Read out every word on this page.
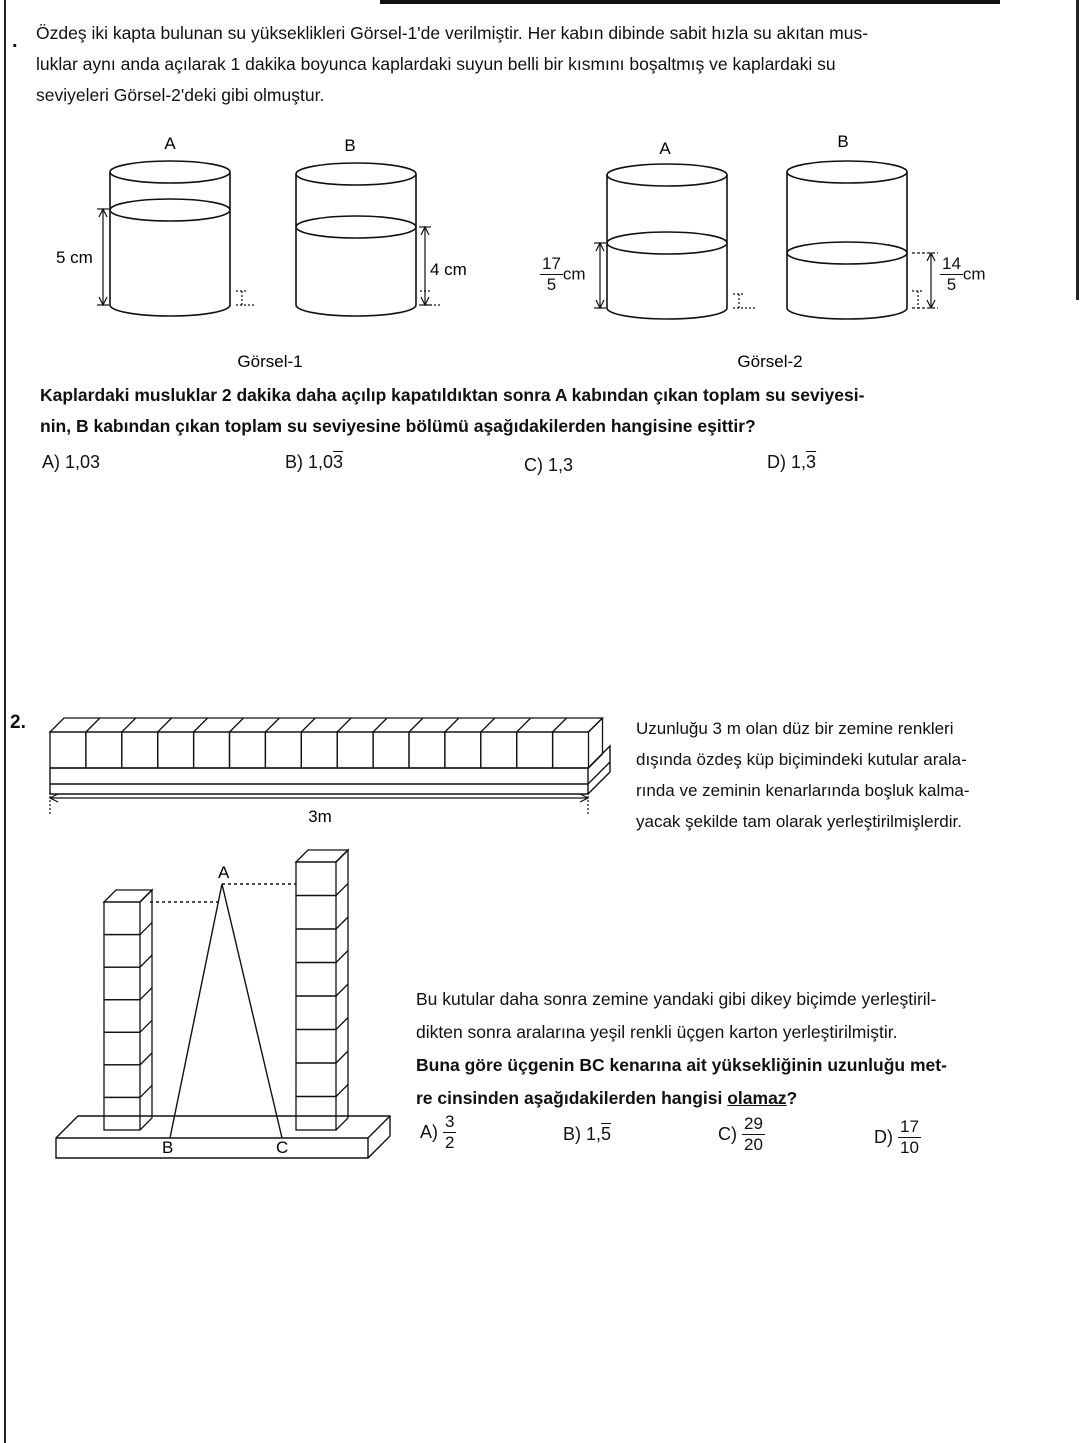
. Özdeş iki kapta bulunan su yükseklikleri Görsel-1'de verilmiştir. Her kabın dibinde sabit hızla su akıtan mus-
luklar aynı anda açılarak 1 dakika boyunca kaplardaki suyun belli bir kısmını boşaltmış ve kaplardaki su
seviyeleri Görsel-2'deki gibi olmuştur.
A
5 cm
B
4 cm
A	B
Görsel-1	Görsel-2
$\frac{17}{5}$ cm	$\frac{14}{5}$ cm
Kaplardaki musluklar 2 dakika daha açılıp kapatıldıktan sonra A kabından çıkan toplam su seviyesi-
nin, B kabından çıkan toplam su seviyesine bölümü aşağıdakilerden hangisine eşittir?
A) 1,03	B) 1,03	C) 1,3	D) 1,3
2.
3m
Uzunluğu 3 m olan düz bir zemine renkleri
dışında özdeş küp biçimindeki kutular arala-
rında ve zeminin kenarlarında boşluk kalma-
yacak şekilde tam olarak yerleştirilmişlerdir.
A
B	C
Bu kutular daha sonra zemine yandaki gibi dikey biçimde yerleştiril-
dikten sonra aralarına yeşil renkli üçgen karton yerleştirilmiştir.
Buna göre üçgenin BC kenarına ait yüksekliğinin uzunluğu met-
re cinsinden aşağıdakilerden hangisi olamaz?
$A) \frac{3}{2}$	B) 1,5	$C) \frac{29}{20}$	$D) \frac{17}{10}$
